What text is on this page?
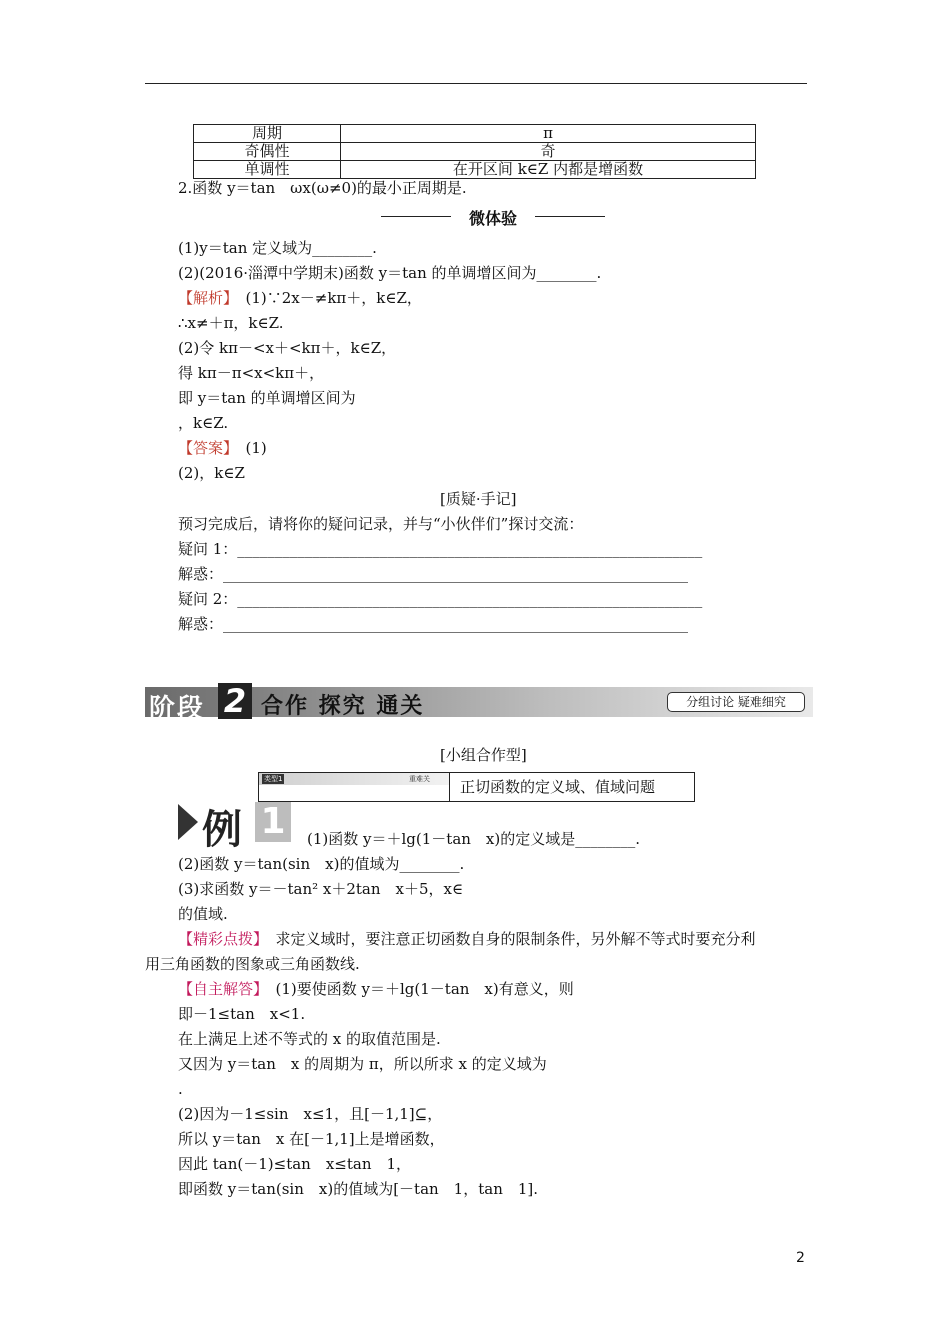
周期	π
奇偶性	奇
单调性	在开区间 k∈Z 内都是增函数
2.函数 y＝tan　ωx(ω≠0)的最小正周期是.
微体验
(1)y＝tan 定义域为________.
(2)(2016·淄潭中学期末)函数 y＝tan 的单调增区间为________.
【解析】　(1)∵2x－≠kπ＋，k∈Z，
∴x≠＋π，k∈Z.
(2)令 kπ－<x＋<kπ＋，k∈Z，
得 kπ－π<x<kπ＋，
即 y＝tan 的单调增区间为
，k∈Z.
【答案】　(1)
(2)，k∈Z
[质疑·手记]
预习完成后，请将你的疑问记录，并与“小伙伴们”探讨交流：
疑问 1：______________________________________________________________
解惑：______________________________________________________________
疑问 2：______________________________________________________________
解惑：______________________________________________________________
阶段 2 合作 探究 通关	分组讨论 疑难细究
[小组合作型]
类型1	重难关 正切函数的定义域、值域问题
例 1	(1)函数 y＝＋lg(1－tan　x)的定义域是________.
(2)函数 y＝tan(sin　x)的值域为________.
(3)求函数 y＝－tan² x＋2tan　x＋5，x∈
的值域.
【精彩点拨】　求定义域时，要注意正切函数自身的限制条件，另外解不等式时要充分利
用三角函数的图象或三角函数线.
【自主解答】　(1)要使函数 y＝＋lg(1－tan　x)有意义，则
即－1≤tan　x<1.
在上满足上述不等式的 x 的取值范围是.
又因为 y＝tan　x 的周期为 π，所以所求 x 的定义域为
.
(2)因为－1≤sin　x≤1，且[－1,1]⊆，
所以 y＝tan　x 在[－1,1]上是增函数，
因此 tan(－1)≤tan　x≤tan　1，
即函数 y＝tan(sin　x)的值域为[－tan　1，tan　1].
2
